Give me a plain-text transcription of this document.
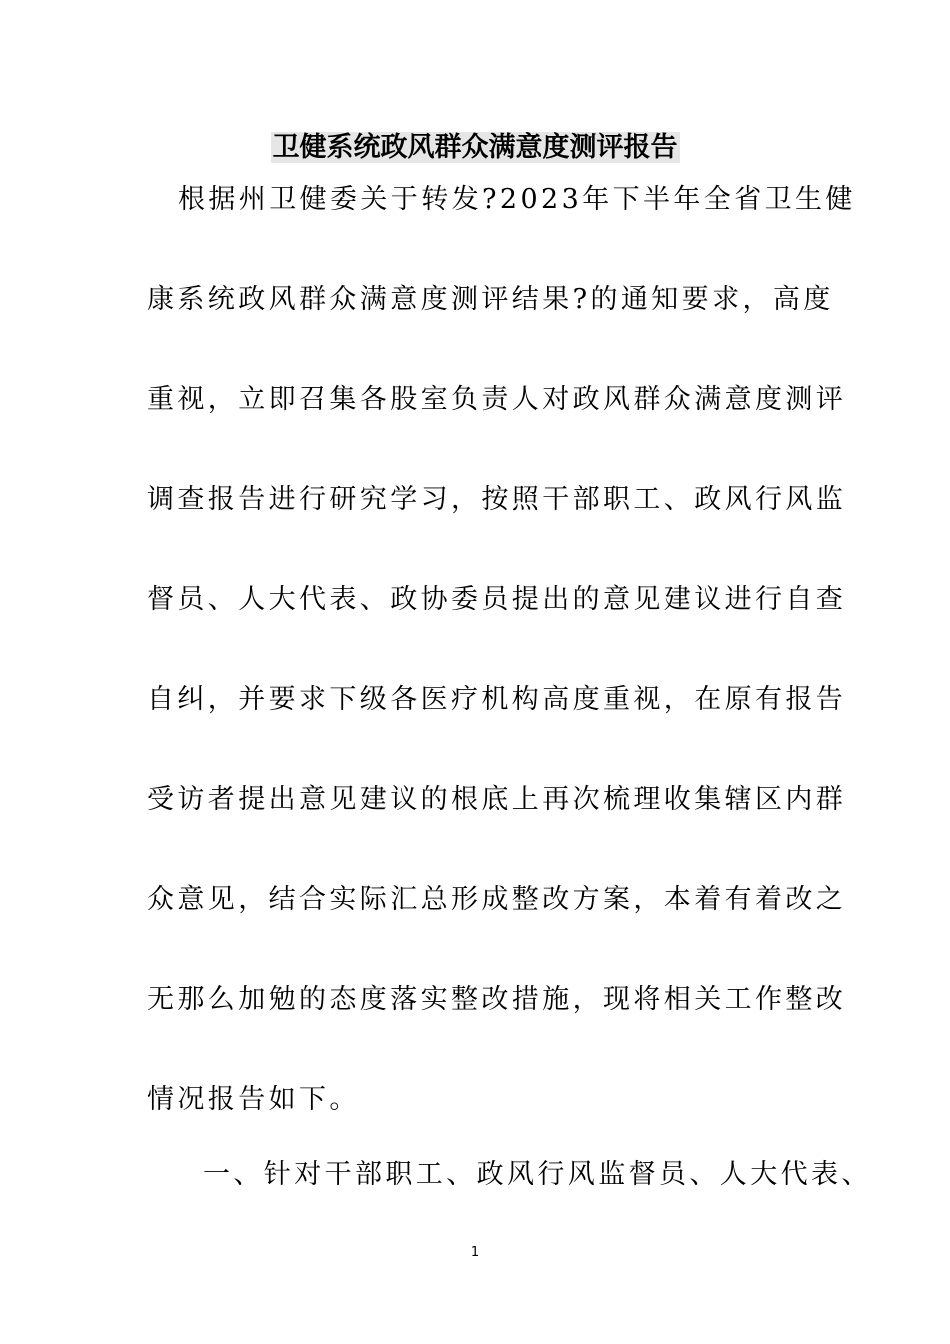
卫健系统政风群众满意度测评报告
根据州卫健委关于转发?2023年下半年全省卫生健
康系统政风群众满意度测评结果?的通知要求，高度
重视，立即召集各股室负责人对政风群众满意度测评
调查报告进行研究学习，按照干部职工、政风行风监
督员、人大代表、政协委员提出的意见建议进行自查
自纠，并要求下级各医疗机构高度重视，在原有报告
受访者提出意见建议的根底上再次梳理收集辖区内群
众意见，结合实际汇总形成整改方案，本着有着改之
无那么加勉的态度落实整改措施，现将相关工作整改
情况报告如下。
一、针对干部职工、政风行风监督员、人大代表、
1
